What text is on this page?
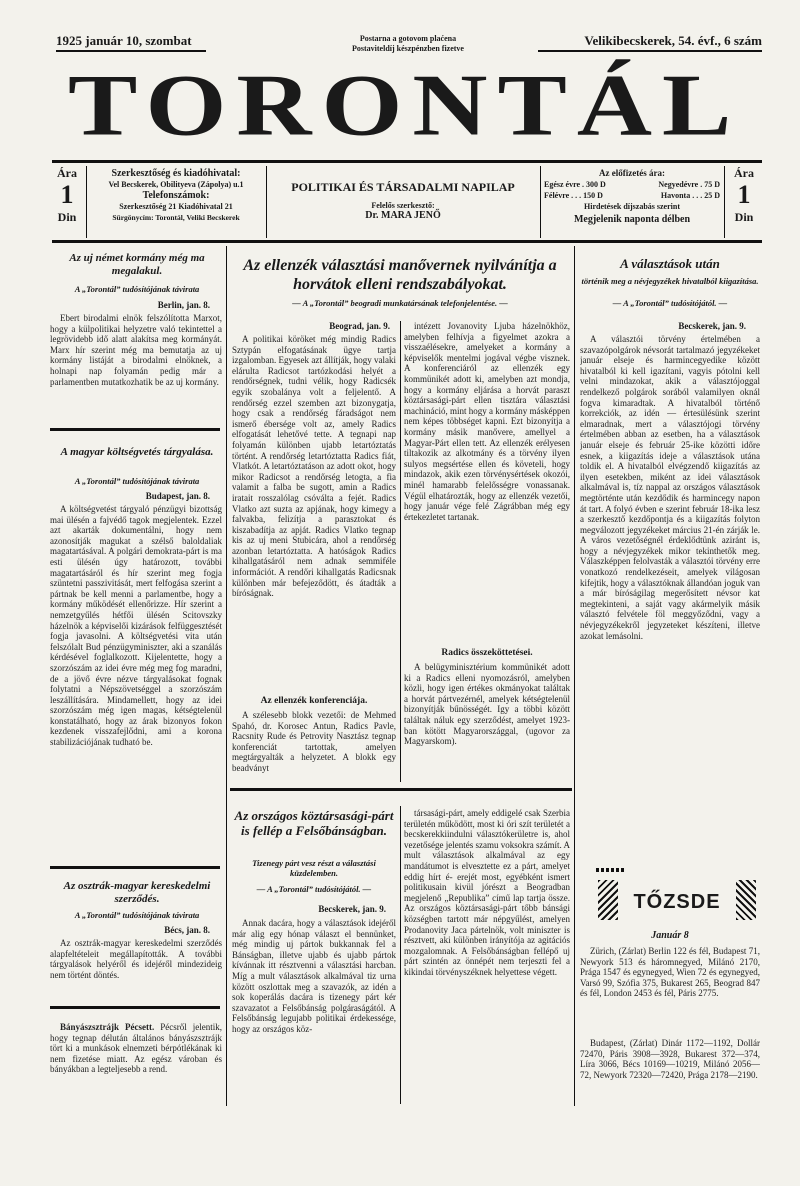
1925 január 10, szombat	Postarna a gotovom plaćena
Postaviteldíj készpénzben fizetve
Velikibecskerek, 54. évf., 6 szám
TORONTÁL
Ára
1
Din
Szerkesztőség és kiadóhivatal:
Vel Becskerek, Obilityeva (Zápolya) u.1
Telefonszámok:
Szerkesztőség 21 Kiadóhivatal 21
Sürgönycím: Torontál, Veliki Becskerek
POLITIKAI ÉS TÁRSADALMI NAPILAP
Felelős szerkesztő:
Dr. MARA JENŐ
Az előfizetés ára:
Egész évre . 300 D	Negyedévre . 75 D
Félévre . . . 150 D	Havonta . . . 25 D
Hirdetések díjszabás szerint
Megjelenik naponta délben
Ára
1
Din
Az uj német kormány még ma megalakul.
A „Torontál” tudósítójának távirata
Berlin, jan. 8.

Ebert birodalmi elnök felszólította Marxot, hogy a külpolitikai helyzetre való tekintettel a legrövidebb idő alatt alakítsa meg kormányát. Marx hír szerint még ma bemutatja az uj kormány listáját a birodalmi elnöknek, a holnapi nap folyamán pedig már a parlamentben mutatkozhatik be az uj kormány.

A magyar költségvetés tárgyalása.
A „Torontál” tudósítójának távirata
Budapest, jan. 8.

A költségvetést tárgyaló pénzügyi bizottság mai ülésén a fajvédő tagok megjelentek. Ezzel azt akarták dokumentálni, hogy nem azonosítják magukat a szélső baloldaliak magatartásával. A polgári demokrata-párt is ma esti ülésén úgy határozott, további magatartásáról és hír szerint meg fogja szüntetni passzivitását, mert felfogása szerint a pártnak be kell menni a parlamentbe, hogy a kormány működését ellenőrizze. Hír szerint a nemzetgyűlés hétfői ülésén Scitovszky házelnök a képviselői kizárások felfüggesztését fogja javasolni. A költségvetési vita után felszólalt Bud pénzügyminiszter, aki a szanálás kérdésével foglalkozott. Kijelentette, hogy a szorzószám az idei évre még meg fog maradni, de a jövő évre nézve tárgyalásokat fognak folytatni a Népszövetséggel a szorzószám leszállítására. Mindamellett, hogy az idei szorzószám még igen magas, kétségtelenül konstatálható, hogy az árak bizonyos fokon kezdenek visszafejlődni, ami a korona stabilizációjának tudható be.

Az osztrák-magyar kereskedelmi szerződés.
A „Torontál” tudósítójának távirata
Bécs, jan. 8.

Az osztrák-magyar kereskedelmi szerződés alapfeltételeit megállapították. A további tárgyalások helyéről és idejéről mindezideig nem történt döntés.

Bányászsztrájk Pécsett. Pécsről jelentik, hogy tegnap délután általános bányászsztrájk tört ki a munkások elnemzeti bérpótlékának ki nem fizetése miatt. Az egész vároban és bányákban a legteljesebb a rend.

Az ellenzék választási manővernek nyilvánítja a horvátok elleni rendszabályokat.
— A „Torontál” beogradi munkatársának telefonjelentése. —
Beograd, jan. 9.

A politikai köröket még mindig Radics Sztypán elfogatásának ügye tartja izgalomban. Egyesek azt állítják, hogy valaki elárulta Radicsot tartózkodási helyét a rendőrségnek, tudni vélik, hogy Radicsék egyik szobalánya volt a feljelentő. A rendőrség ezzel szemben azt bizonygatja, hogy csak a rendőrség fáradságot nem ismerő ébersége volt az, amely Radics elfogatását lehetővé tette. A tegnapi nap folyamán különben ujabb letartóztatás történt. A rendőrség letartóztatta Radics fiát, Vlatkót. A letartóztatáson az adott okot, hogy mikor Radicsot a rendőrség letogta, a fia valamit a falba be sugott, amin a Radics iratait rosszalólag csóválta a fejét. Radics Vlatko azt suzta az apjának, hogy kimegy a falvakba, felizítja a parasztokat és kiszabadítja az apját. Radics Vlatko tegnap kis az uj meni Stubicára, ahol a rendőrség azonban letartóztatta. A hatóságok Radics kihallgatásáról nem adnak semmiféle információt. A rendőri kihallgatás Radicsnak különben már befejeződött, és átadták a bíróságnak.

Az ellenzék konferenciája.

A szélesebb blokk vezetői: de Mehmed Spahó, dr. Korosec Antun, Radics Pavle, Racsnity Rude és Petrovity Nasztász tegnap konferenciát tartottak, amelyen megtárgyalták a helyzetet. A blokk egy beadványt

intézett Jovanovity Ljuba házelnökhöz, amelyben felhívja a figyelmet azokra a visszaélésekre, amelyeket a kormány a képviselők mentelmi jogával végbe visznek. A konferenciáról az ellenzék egy kommünikét adott ki, amelyben azt mondja, hogy a kormány eljárása a horvát paraszt köztársasági-párt ellen tisztára választási machináció, mint hogy a kormány másképpen nem képes többséget kapni. Ezt bizonyítja a kormány másik manővere, amellyel a Magyar-Párt ellen tett. Az ellenzék erélyesen tiltakozik az alkotmány és a törvény ilyen sulyos megsértése ellen és követeli, hogy mindazok, akik ezen törvénysértések okozói, minél hamarabb felelősségre vonassanak. Végül elhatározták, hogy az ellenzék vezetői, hogy január vége felé Zágrábban még egy értekezletet tartanak.

Radics összeköttetései.

A belügyminisztérium kommünikét adott ki a Radics elleni nyomozásról, amelyben közli, hogy igen értékes okmányokat találtak a horvát pártvezérnél, amelyek kétségtelenül bizonyítják bűnösségét. Igy a többi között találtak náluk egy szerződést, amelyet 1923-ban kötött Magyarországgal, (ugovor za Magyarskom).

Az országos köztársasági-párt is fellép a Felsőbánságban.
Tizenegy párt vesz részt a választási küzdelemben.
— A „Torontál” tudósítójától. —
Becskerek, jan. 9.

Annak dacára, hogy a választások idejéről már alig egy hónap választ el bennünket, még mindig uj pártok bukkannak fel a Bánságban, illetve ujabb és ujabb pártok kívánnak itt résztvenni a választási harcban. Míg a mult választások alkalmával tiz urna között oszlottak meg a szavazók, az idén a sok koperálás dacára is tizenegy párt kér szavazatot a Felsőbánság polgáraságától. A Felsőbánság legujabb politikai érdekessége, hogy az országos köz-

társasági-párt, amely eddigelé csak Szerbia területén működött, most ki óri szít területét a becskerekkiindulni választókerületre is, ahol vezetősége jelentés szamu voksokra számít. A mult választások alkalmával az egy mandátumot is elvesztette ez a párt, amelyet eddig hírt é- erejét most, egyébként ismert politikusain kivül jórészt a Beogradban megjelenő „Republika” című lap tartja össze. Az országos köztársasági-párt tőbb bánsági községben tartott már népgyűlést, amelyen Prodanovity Jaca pártelnök, volt miniszter is résztvett, aki különben irányítója az agitációs mozgalomnak. A Felsőbánságban fellépő uj párt szintén az önnépét nem terjeszti fel a kikindai törvényszéknek helyettese végett.

A választások után
történik meg a névjegyzékek hivatalból kiigazítása.
— A „Torontál” tudósítójától. —
Becskerek, jan. 9.

A választói törvény értelmében a szavazópolgárok névsorát tartalmazó jegyzékeket január elseje és harmincegyedike között hivatalból ki kell igazítani, vagyis pótolni kell velni mindazokat, akik a választójoggal rendelkező polgárok sorából valamilyen oknál fogva kimaradtak. A hivatalból történő korrekciók, az idén — értesülésünk szerint elmaradnak, mert a választójogi törvény értelmében abban az esetben, ha a választások január elseje és február 25-ike közötti időre esnek, a kiigazítás ideje a választások utána toldik el. A hivatalból elvégzendő kiigazítás az ilyen esetekben, miként az idei választások alkalmával is, tíz nappal az országos választások megtörténte után kezdődik és harmincegy napon át tart. A folyó évben e szerint február 18-ika lesz a szerkesztő kezdőpontja és a kiigazítás folyton megválozott jegyzékeket március 21-én zárják le. A város vezetőségnél érdeklődtünk aziránt is, hogy a névjegyzékek mikor tekinthetők meg. Válaszképpen felolvasták a választói törvény erre vonatkozó rendelkezéseit, amelyek világosan kifejtik, hogy a választóknak állandóan joguk van a már bíróságilag megerősített névsor kat megtekinteni, a saját vagy akármelyik másik választó felvétele föl meggyőződni, vagy a névjegyzékekről jegyzeteket készíteni, illetve azokat lemásolni.

TŐZSDE
Január 8

Zürich, (Zárlat) Berlin 122 és fél, Budapest 71, Newyork 513 és háromnegyed, Milánó 2170, Prága 1547 és egynegyed, Wien 72 és egynegyed, Varsó 99, Szófia 375, Bukarest 265, Beograd 847 és fél, London 2453 és fél, Páris 2775.

Budapest, (Zárlat) Dinár 1172—1192, Dollár 72470, Páris 3908—3928, Bukarest 372—374, Líra 3066, Bécs 10169—10219, Milánó 2056—72, Newyork 72320—72420, Prága 2178—2190.
